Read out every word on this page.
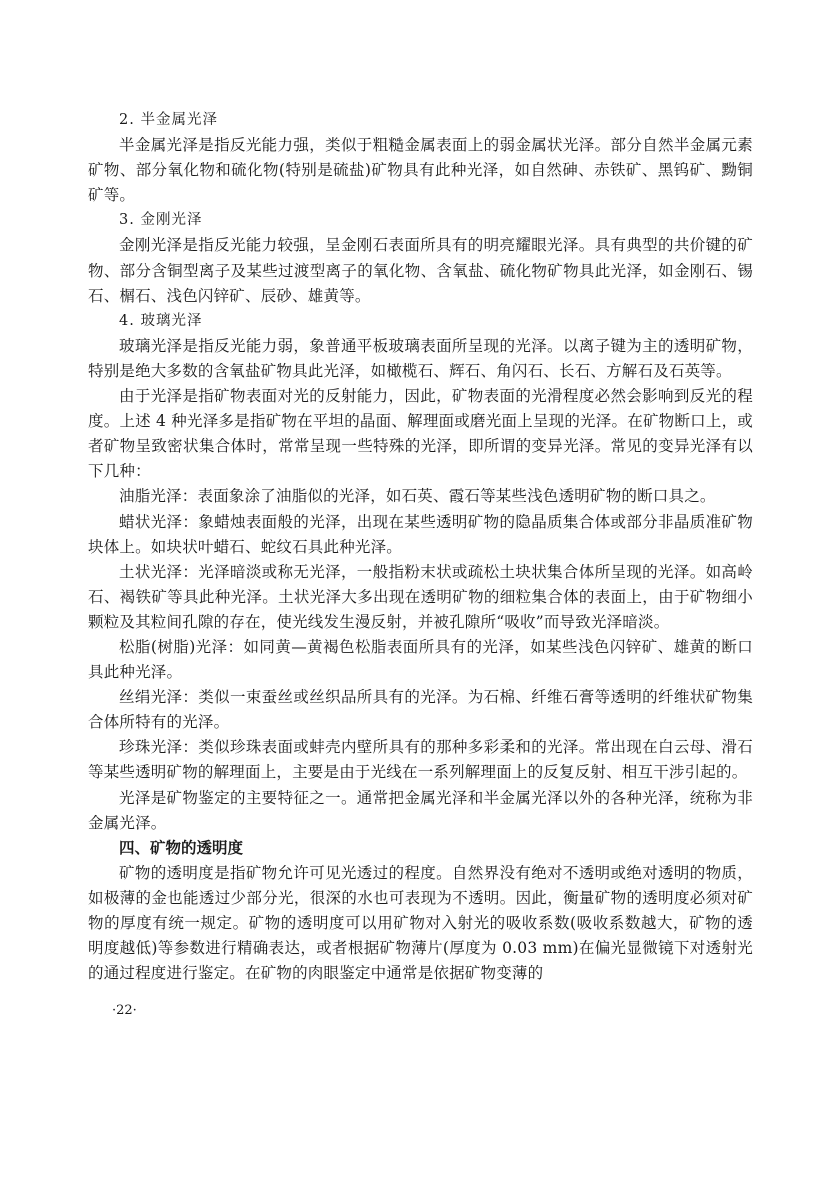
2. 半金属光泽
半金属光泽是指反光能力强，类似于粗糙金属表面上的弱金属状光泽。部分自然半金属元素矿物、部分氧化物和硫化物(特别是硫盐)矿物具有此种光泽，如自然砷、赤铁矿、黑钨矿、黝铜矿等。
3. 金刚光泽
金刚光泽是指反光能力较强，呈金刚石表面所具有的明亮耀眼光泽。具有典型的共价键的矿物、部分含铜型离子及某些过渡型离子的氧化物、含氧盐、硫化物矿物具此光泽，如金刚石、锡石、榍石、浅色闪锌矿、辰砂、雄黄等。
4. 玻璃光泽
玻璃光泽是指反光能力弱，象普通平板玻璃表面所呈现的光泽。以离子键为主的透明矿物，特别是绝大多数的含氧盐矿物具此光泽，如橄榄石、辉石、角闪石、长石、方解石及石英等。
由于光泽是指矿物表面对光的反射能力，因此，矿物表面的光滑程度必然会影响到反光的程度。上述 4 种光泽多是指矿物在平坦的晶面、解理面或磨光面上呈现的光泽。在矿物断口上，或者矿物呈致密状集合体时，常常呈现一些特殊的光泽，即所谓的变异光泽。常见的变异光泽有以下几种：
油脂光泽：表面象涂了油脂似的光泽，如石英、霞石等某些浅色透明矿物的断口具之。
蜡状光泽：象蜡烛表面般的光泽，出现在某些透明矿物的隐晶质集合体或部分非晶质准矿物块体上。如块状叶蜡石、蛇纹石具此种光泽。
土状光泽：光泽暗淡或称无光泽，一般指粉末状或疏松土块状集合体所呈现的光泽。如高岭石、褐铁矿等具此种光泽。土状光泽大多出现在透明矿物的细粒集合体的表面上，由于矿物细小颗粒及其粒间孔隙的存在，使光线发生漫反射，并被孔隙所“吸收”而导致光泽暗淡。
松脂(树脂)光泽：如同黄—黄褐色松脂表面所具有的光泽，如某些浅色闪锌矿、雄黄的断口具此种光泽。
丝绢光泽：类似一束蚕丝或丝织品所具有的光泽。为石棉、纤维石膏等透明的纤维状矿物集合体所特有的光泽。
珍珠光泽：类似珍珠表面或蚌壳内壁所具有的那种多彩柔和的光泽。常出现在白云母、滑石等某些透明矿物的解理面上，主要是由于光线在一系列解理面上的反复反射、相互干涉引起的。
光泽是矿物鉴定的主要特征之一。通常把金属光泽和半金属光泽以外的各种光泽，统称为非金属光泽。
四、矿物的透明度
矿物的透明度是指矿物允许可见光透过的程度。自然界没有绝对不透明或绝对透明的物质，如极薄的金也能透过少部分光，很深的水也可表现为不透明。因此，衡量矿物的透明度必须对矿物的厚度有统一规定。矿物的透明度可以用矿物对入射光的吸收系数(吸收系数越大，矿物的透明度越低)等参数进行精确表达，或者根据矿物薄片(厚度为 0.03 mm)在偏光显微镜下对透射光的通过程度进行鉴定。在矿物的肉眼鉴定中通常是依据矿物变薄的
·22·
